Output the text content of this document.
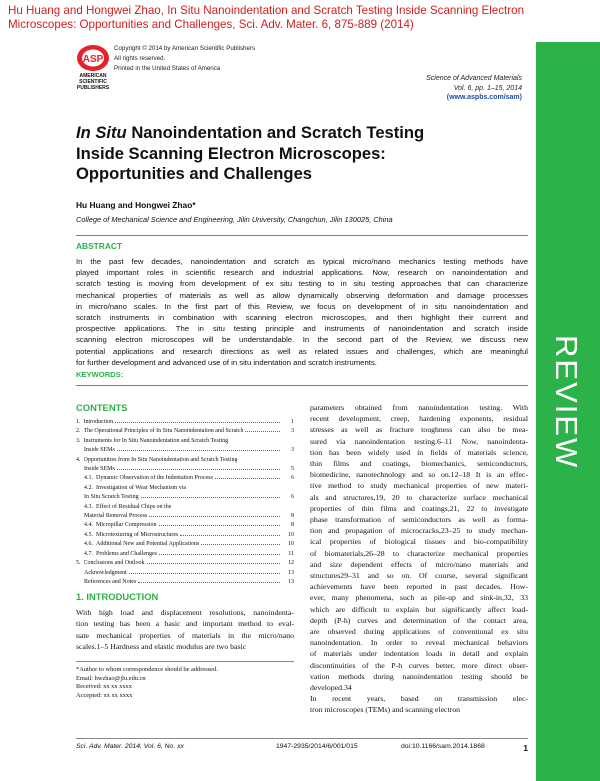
Hu Huang and Hongwei Zhao, In Situ Nanoindentation and Scratch Testing Inside Scanning Electron
Microscopes: Opportunities and Challenges, Sci. Adv. Mater. 6, 875-889 (2014)
REVIEW
ASP
AMERICAN
SCIENTIFIC
PUBLISHERS
Copyright © 2014 by American Scientific Publishers
All rights reserved.
Printed in the United States of America
Science of Advanced Materials
Vol. 6, pp. 1–15, 2014
(www.aspbs.com/sam)
In Situ Nanoindentation and Scratch Testing
Inside Scanning Electron Microscopes:
Opportunities and Challenges
Hu Huang and Hongwei Zhao*
College of Mechanical Science and Engineering, Jilin University, Changchun, Jilin 130025, China
ABSTRACT
In the past few decades, nanoindentation and scratch as typical micro/nano mechanics testing methods have
played important roles in scientific research and industrial applications. Now, research on nanoindentation and
scratch testing is moving from development of ex situ testing to in situ testing approaches that can characterize
mechanical properties of materials as well as allow dynamically observing deformation and damage processes
in micro/nano scales. In the first part of this Review, we focus on development of in situ nanoindentation and
scratch instruments in combination with scanning electron microscopes, and then highlight their current and
prospective applications. The in situ testing principle and instruments of nanoindentation and scratch inside
scanning electron microscopes will be understandable. In the second part of the Review, we discuss new
potential applications and research directions as well as related issues and challenges, which are meaningful
for further development and advanced use of in situ indentation and scratch instruments.
KEYWORDS:
CONTENTS
1. Introduction	1
2. The Operational Principles of In Situ Nanoindentation and Scratch	3
3. Instruments for In Situ Nanoindentation and Scratch Testing
Inside SEMs	3
4. Opportunities from In Situ Nanoindentation and Scratch Testing
Inside SEMs	5
4.1. Dynamic Observation of the Indentation Process	6
4.2. Investigation of Wear Mechanism via
In Situ Scratch Testing	6
4.3. Effect of Residual Chips on the
Material Removal Process	8
4.4. Micropillar Compression	8
4.5. Microtexturing of Microstructures	10
4.6. Additional New and Potential Applications	10
4.7. Problems and Challenges	11
5. Conclusions and Outlook	12
Acknowledgment	13
References and Notes	13
1. INTRODUCTION
With high load and displacement resolutions, nanoindenta-
tion testing has been a basic and important method to eval-
uate mechanical properties of materials in the micro/nano
scales.1–5 Hardness and elastic modulus are two basic
*Author to whom correspondence should be addressed.
Email: hwzhao@jlu.edu.cn
Received: xx xx xxxx
Accepted: xx xx xxxx
parameters obtained from nanoindentation testing. With
recent development, creep, hardening exponents, residual
stresses as well as fracture toughness can also be mea-
sured via nanoindentation testing.6–11 Now, nanoindenta-
tion has been widely used in fields of materials science,
thin films and coatings, biomechanics, semiconductors,
biomedicine, nanotechnology and so on.12–18 It is an effec-
tive method to study mechanical properties of new materi-
als and structures,19, 20 to characterize surface mechanical
properties of thin films and coatings,21, 22 to investigate
phase transformation of semiconductors as well as forma-
tion and propagation of microcracks,23–25 to study mechan-
ical properties of biological tissues and bio-compatibility
of biomaterials,26–28 to characterize mechanical properties
and size dependent effects of micro/nano materials and
structures29–31 and so on. Of course, several significant
achievements have been reported in past decades. How-
ever, many phenomena, such as pile-up and sink-in,32, 33
which are difficult to explain but significantly affect load-
depth (P-h) curves and determination of the contact area,
are observed during applications of conventional ex situ
nanoindentation. In order to reveal mechanical behaviors
of materials under indentation loads in detail and explain
discontinuities of the P-h curves better, more direct obser-
vation methods during nanoindentation testing should be
developed.34
In recent years, based on transmission elec-
tron microscopes (TEMs) and scanning electron
Sci. Adv. Mater. 2014, Vol. 6, No. xx	1947-2935/2014/6/001/015	doi:10.1166/sam.2014.1868	1
